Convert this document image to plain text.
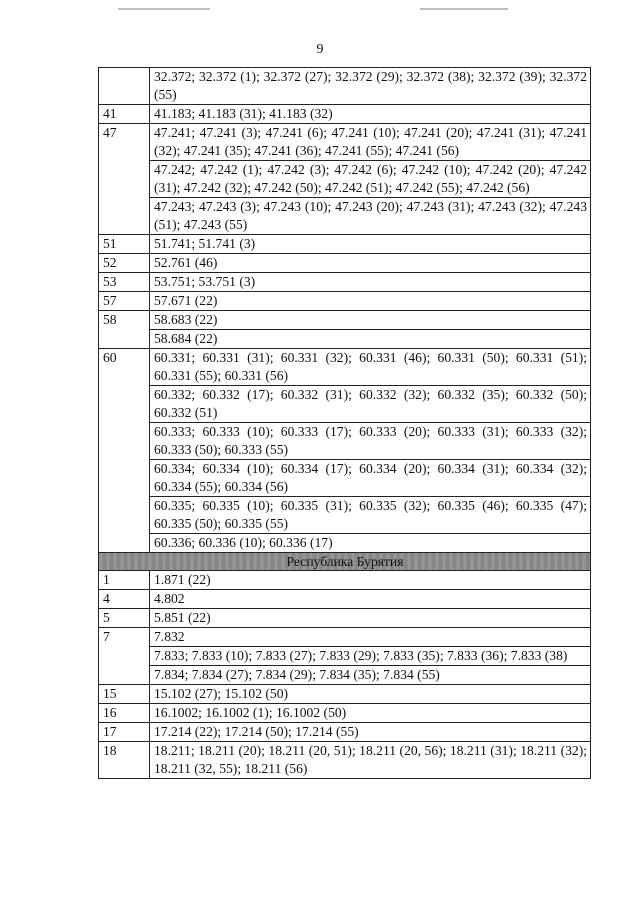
9
	32.372; 32.372 (1); 32.372 (27); 32.372 (29); 32.372 (38); 32.372 (39); 32.372 (55)
41	41.183; 41.183 (31); 41.183 (32)
47	47.241; 47.241 (3); 47.241 (6); 47.241 (10); 47.241 (20); 47.241 (31); 47.241 (32); 47.241 (35); 47.241 (36); 47.241 (55); 47.241 (56)
	47.242; 47.242 (1); 47.242 (3); 47.242 (6); 47.242 (10); 47.242 (20); 47.242 (31); 47.242 (32); 47.242 (50); 47.242 (51); 47.242 (55); 47.242 (56)
	47.243; 47.243 (3); 47.243 (10); 47.243 (20); 47.243 (31); 47.243 (32); 47.243 (51); 47.243 (55)
51	51.741; 51.741 (3)
52	52.761 (46)
53	53.751; 53.751 (3)
57	57.671 (22)
58	58.683 (22)
	58.684 (22)
60	60.331; 60.331 (31); 60.331 (32); 60.331 (46); 60.331 (50); 60.331 (51); 60.331 (55); 60.331 (56)
	60.332; 60.332 (17); 60.332 (31); 60.332 (32); 60.332 (35); 60.332 (50); 60.332 (51)
	60.333; 60.333 (10); 60.333 (17); 60.333 (20); 60.333 (31); 60.333 (32); 60.333 (50); 60.333 (55)
	60.334; 60.334 (10); 60.334 (17); 60.334 (20); 60.334 (31); 60.334 (32); 60.334 (55); 60.334 (56)
	60.335; 60.335 (10); 60.335 (31); 60.335 (32); 60.335 (46); 60.335 (47); 60.335 (50); 60.335 (55)
	60.336; 60.336 (10); 60.336 (17)
Республика Бурятия	
1	1.871 (22)
4	4.802
5	5.851 (22)
7	7.832
	7.833; 7.833 (10); 7.833 (27); 7.833 (29); 7.833 (35); 7.833 (36); 7.833 (38)
	7.834; 7.834 (27); 7.834 (29); 7.834 (35); 7.834 (55)
15	15.102 (27); 15.102 (50)
16	16.1002; 16.1002 (1); 16.1002 (50)
17	17.214 (22); 17.214 (50); 17.214 (55)
18	18.211; 18.211 (20); 18.211 (20, 51); 18.211 (20, 56); 18.211 (31); 18.211 (32); 18.211 (32, 55); 18.211 (56)
